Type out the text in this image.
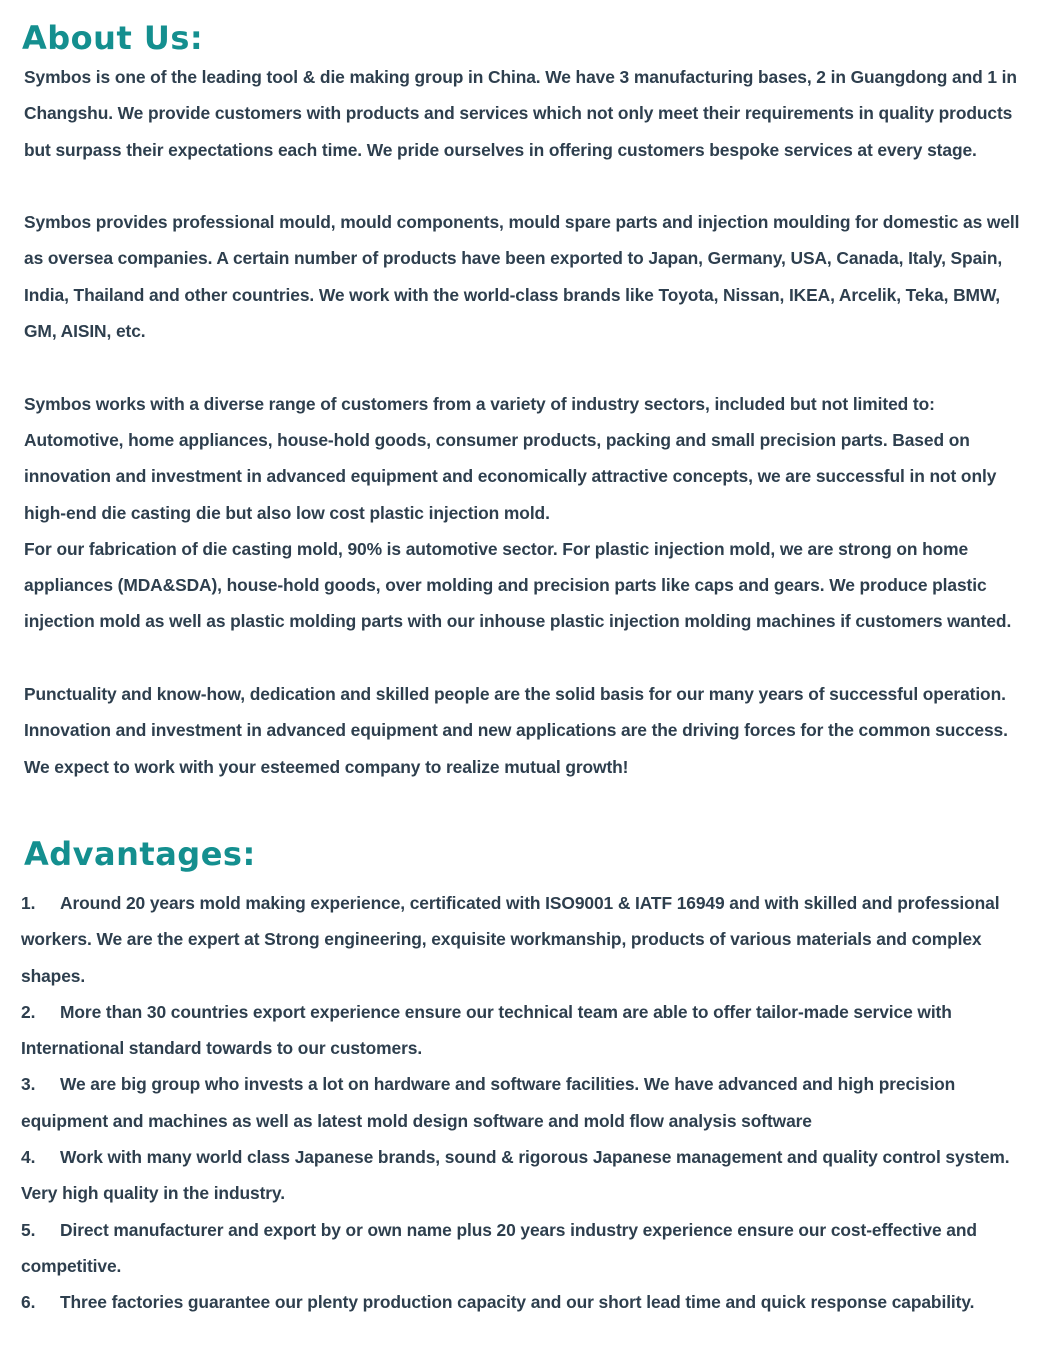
About Us:
Symbos is one of the leading tool & die making group in China. We have 3 manufacturing bases, 2 in Guangdong and 1 in
Changshu. We provide customers with products and services which not only meet their requirements in quality products
but surpass their expectations each time. We pride ourselves in offering customers bespoke services at every stage.
Symbos provides professional mould, mould components, mould spare parts and injection moulding for domestic as well
as oversea companies. A certain number of products have been exported to Japan, Germany, USA, Canada, Italy, Spain,
India, Thailand and other countries. We work with the world-class brands like Toyota, Nissan, IKEA, Arcelik, Teka, BMW,
GM, AISIN, etc.
Symbos works with a diverse range of customers from a variety of industry sectors, included but not limited to:
Automotive, home appliances, house-hold goods, consumer products, packing and small precision parts. Based on
innovation and investment in advanced equipment and economically attractive concepts, we are successful in not only
high-end die casting die but also low cost plastic injection mold.
For our fabrication of die casting mold, 90% is automotive sector. For plastic injection mold, we are strong on home
appliances (MDA&SDA), house-hold goods, over molding and precision parts like caps and gears. We produce plastic
injection mold as well as plastic molding parts with our inhouse plastic injection molding machines if customers wanted.
Punctuality and know-how, dedication and skilled people are the solid basis for our many years of successful operation.
Innovation and investment in advanced equipment and new applications are the driving forces for the common success.
We expect to work with your esteemed company to realize mutual growth!
Advantages:
1. Around 20 years mold making experience, certificated with ISO9001 & IATF 16949 and with skilled and professional
workers. We are the expert at Strong engineering, exquisite workmanship, products of various materials and complex
shapes.
2. More than 30 countries export experience ensure our technical team are able to offer tailor-made service with
International standard towards to our customers.
3. We are big group who invests a lot on hardware and software facilities. We have advanced and high precision
equipment and machines as well as latest mold design software and mold flow analysis software
4. Work with many world class Japanese brands, sound & rigorous Japanese management and quality control system.
Very high quality in the industry.
5. Direct manufacturer and export by or own name plus 20 years industry experience ensure our cost-effective and
competitive.
6. Three factories guarantee our plenty production capacity and our short lead time and quick response capability.
